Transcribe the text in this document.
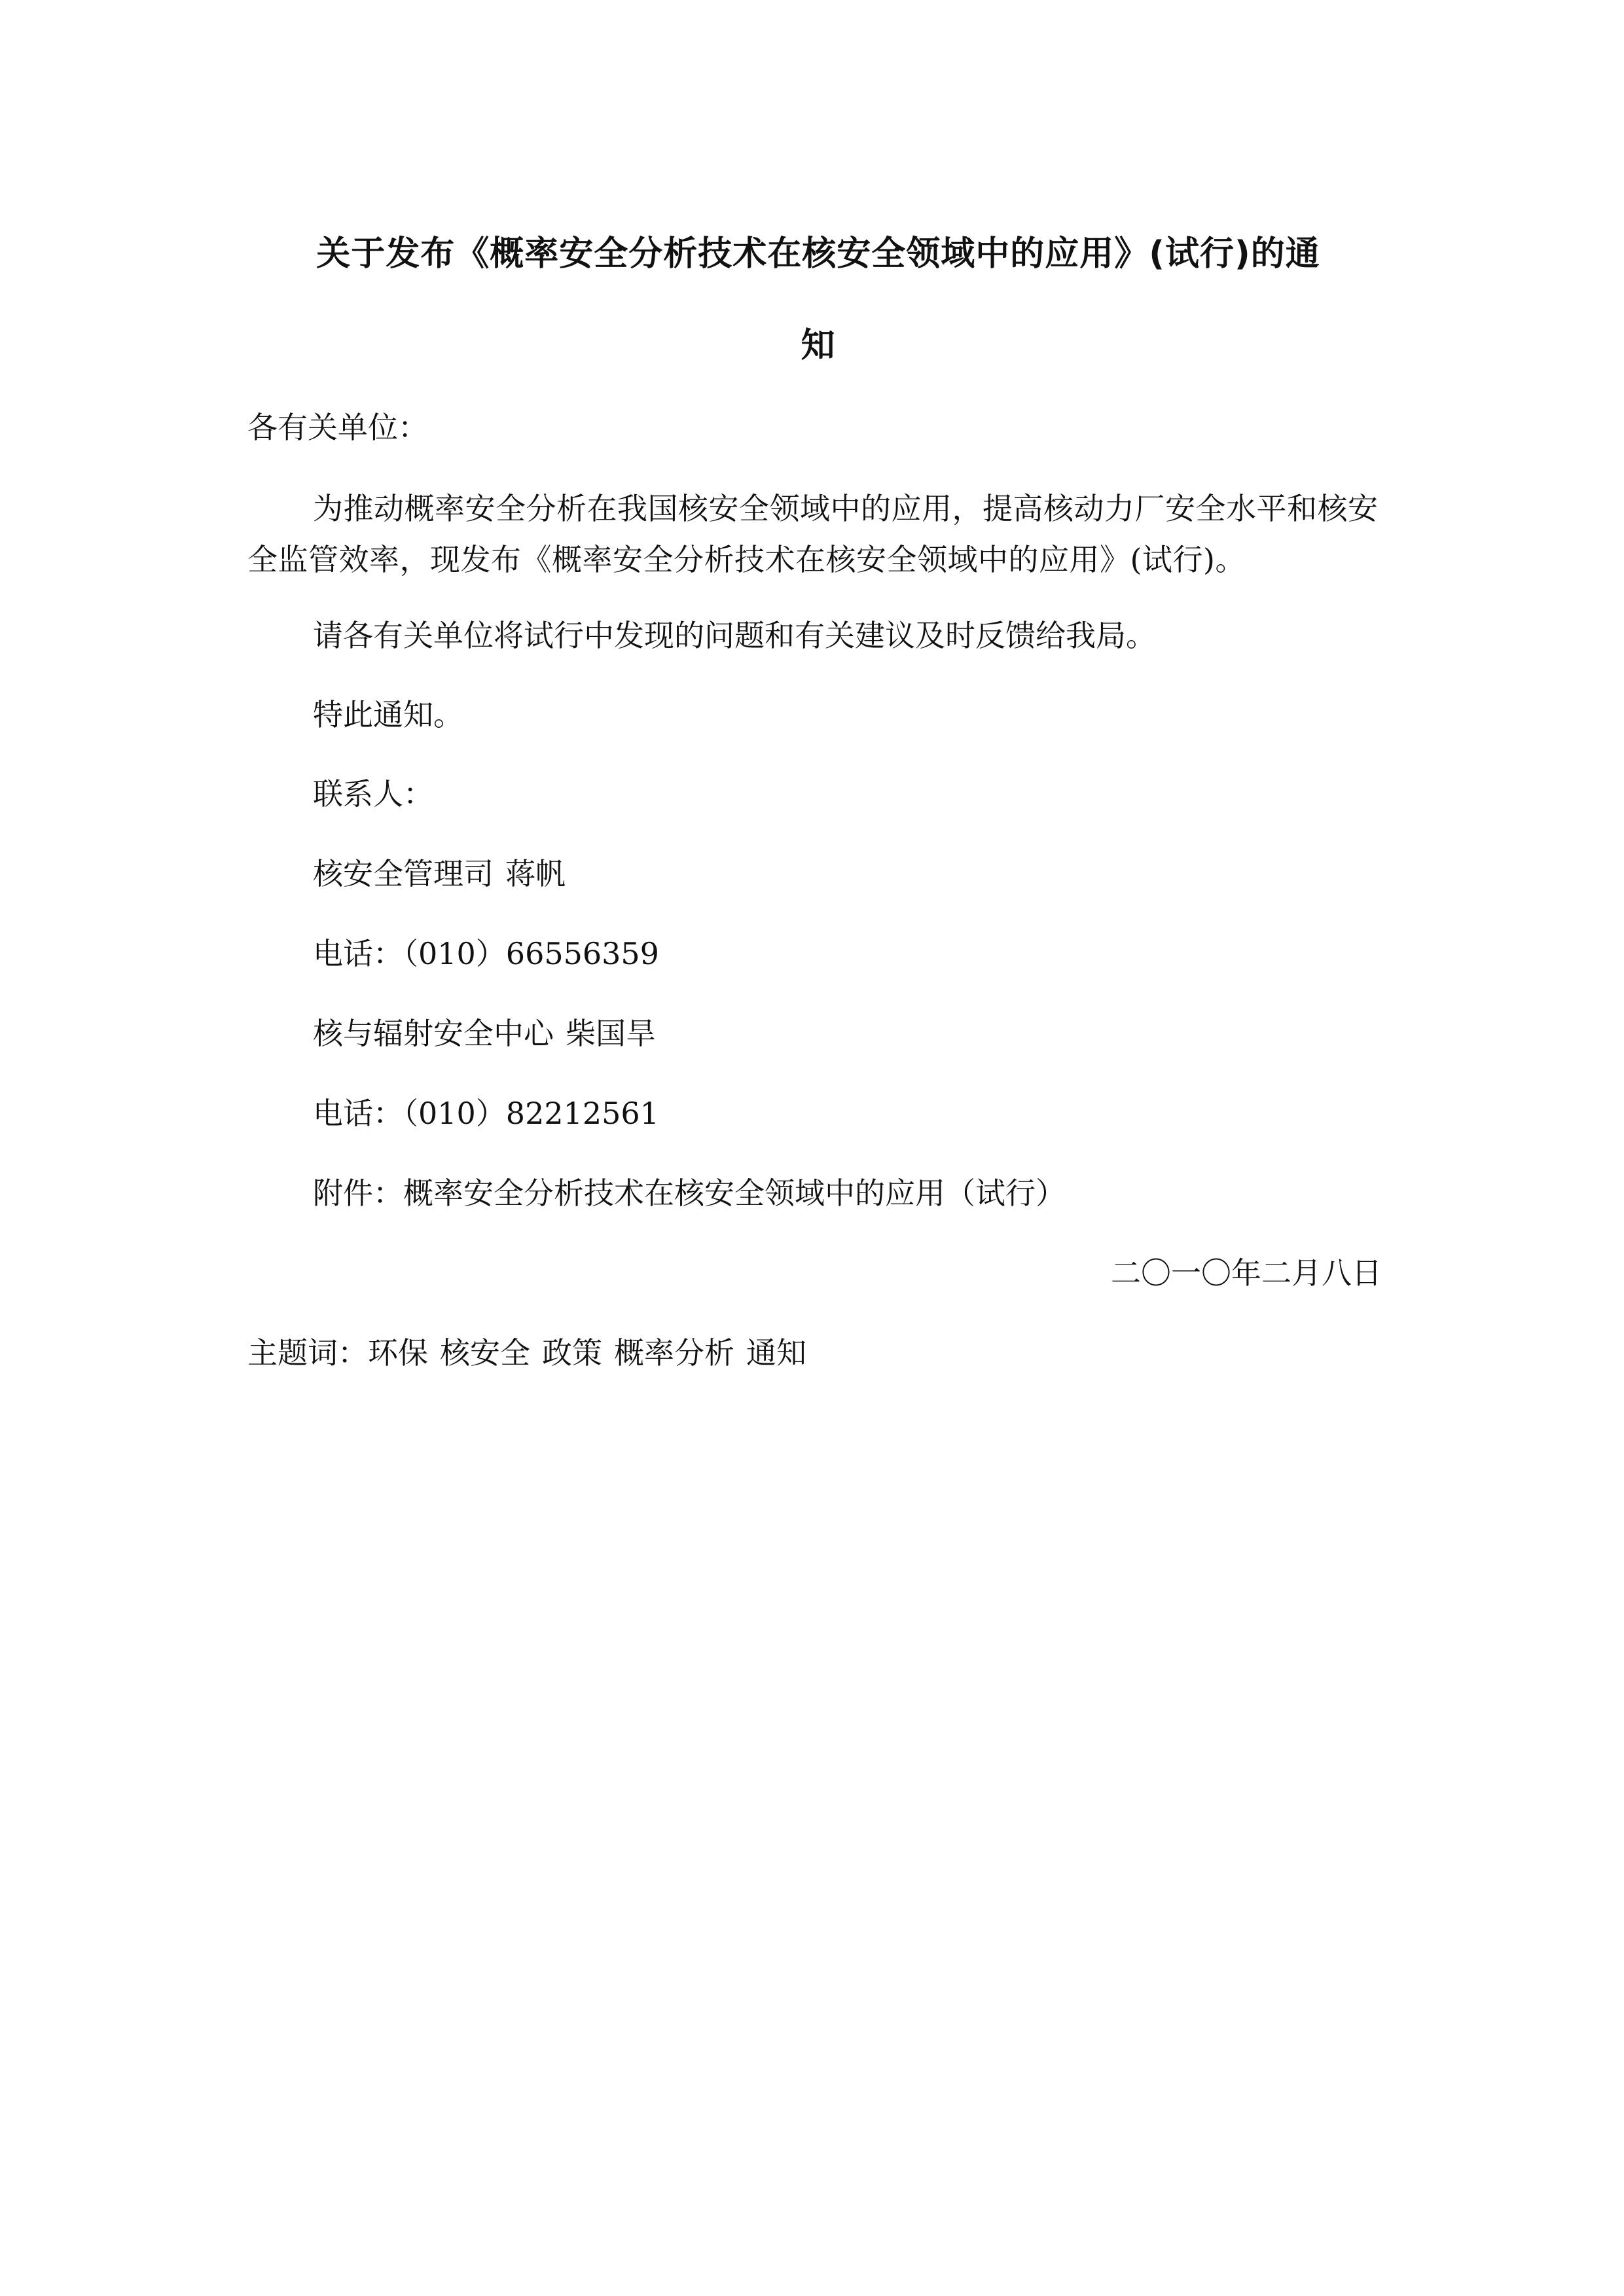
关于发布《概率安全分析技术在核安全领域中的应用》(试行)的通
知

各有关单位：

为推动概率安全分析在我国核安全领域中的应用，提高核动力厂安全水平和核安全监管效率，现发布《概率安全分析技术在核安全领域中的应用》(试行)。

请各有关单位将试行中发现的问题和有关建议及时反馈给我局。

特此通知。

联系人：

核安全管理司 蒋帆

电话：（010）66556359

核与辐射安全中心 柴国旱

电话：（010）82212561

附件：概率安全分析技术在核安全领域中的应用（试行）

二〇一〇年二月八日

主题词：环保 核安全 政策 概率分析 通知
